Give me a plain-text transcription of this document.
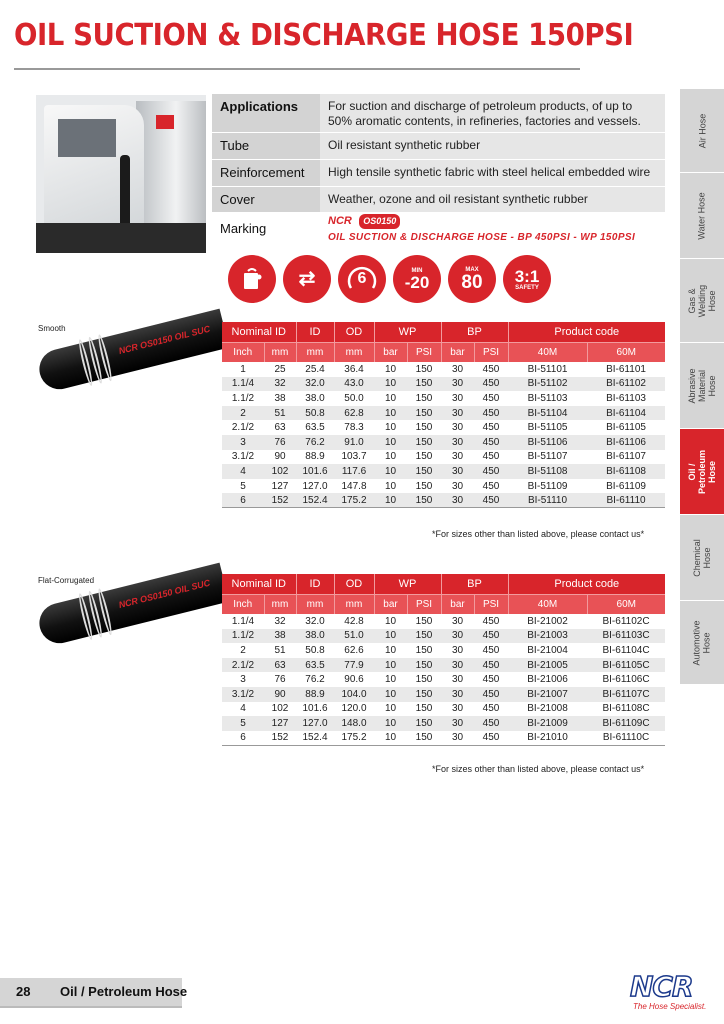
OIL SUCTION & DISCHARGE HOSE 150PSI
Applications	For suction and discharge of petroleum products, of up to 50% aromatic contents, in refineries, factories and vessels.
Tube	Oil resistant synthetic rubber
Reinforcement	High tensile synthetic fabric with steel helical embedded wire
Cover	Weather, ozone and oil resistant synthetic rubber
Marking	NCR OS0150 OIL SUCTION & DISCHARGE HOSE - BP 450PSI - WP 150PSI
⇄	6	MIN
-20
MAX
80 3:1
SAFETY
Smooth	NCR OS0150 OIL SUC Nominal ID		ID	OD	WP		BP		Product code	
Inch	mm	mm	mm	bar	PSI	bar	PSI	40M	60M
1	25	25.4	36.4	10	150	30	450	BI-51101	BI-61101
1.1/4	32	32.0	43.0	10	150	30	450	BI-51102	BI-61102
1.1/2	38	38.0	50.0	10	150	30	450	BI-51103	BI-61103
2	51	50.8	62.8	10	150	30	450	BI-51104	BI-61104
2.1/2	63	63.5	78.3	10	150	30	450	BI-51105	BI-61105
3	76	76.2	91.0	10	150	30	450	BI-51106	BI-61106
3.1/2	90	88.9	103.7	10	150	30	450	BI-51107	BI-61107
4	102	101.6	117.6	10	150	30	450	BI-51108	BI-61108
5	127	127.0	147.8	10	150	30	450	BI-51109	BI-61109
6	152	152.4	175.2	10	150	30	450	BI-51110	BI-61110
*For sizes other than listed above, please contact us*
Flat-Corrugated	NCR OS0150 OIL SUC Nominal ID		ID	OD	WP		BP		Product code	
Inch	mm	mm	mm	bar	PSI	bar	PSI	40M	60M
1.1/4	32	32.0	42.8	10	150	30	450	BI-21002	BI-61102C
1.1/2	38	38.0	51.0	10	150	30	450	BI-21003	BI-61103C
2	51	50.8	62.6	10	150	30	450	BI-21004	BI-61104C
2.1/2	63	63.5	77.9	10	150	30	450	BI-21005	BI-61105C
3	76	76.2	90.6	10	150	30	450	BI-21006	BI-61106C
3.1/2	90	88.9	104.0	10	150	30	450	BI-21007	BI-61107C
4	102	101.6	120.0	10	150	30	450	BI-21008	BI-61108C
5	127	127.0	148.0	10	150	30	450	BI-21009	BI-61109C
6	152	152.4	175.2	10	150	30	450	BI-21010	BI-61110C
*For sizes other than listed above, please contact us*
Air Hose
Water Hose
Gas & Welding Hose
Abrasive Material Hose
Oil / Petroleum Hose
Chemical Hose
Automotive Hose
28 Oil / Petroleum Hose	NCR
The Hose Specialist.
